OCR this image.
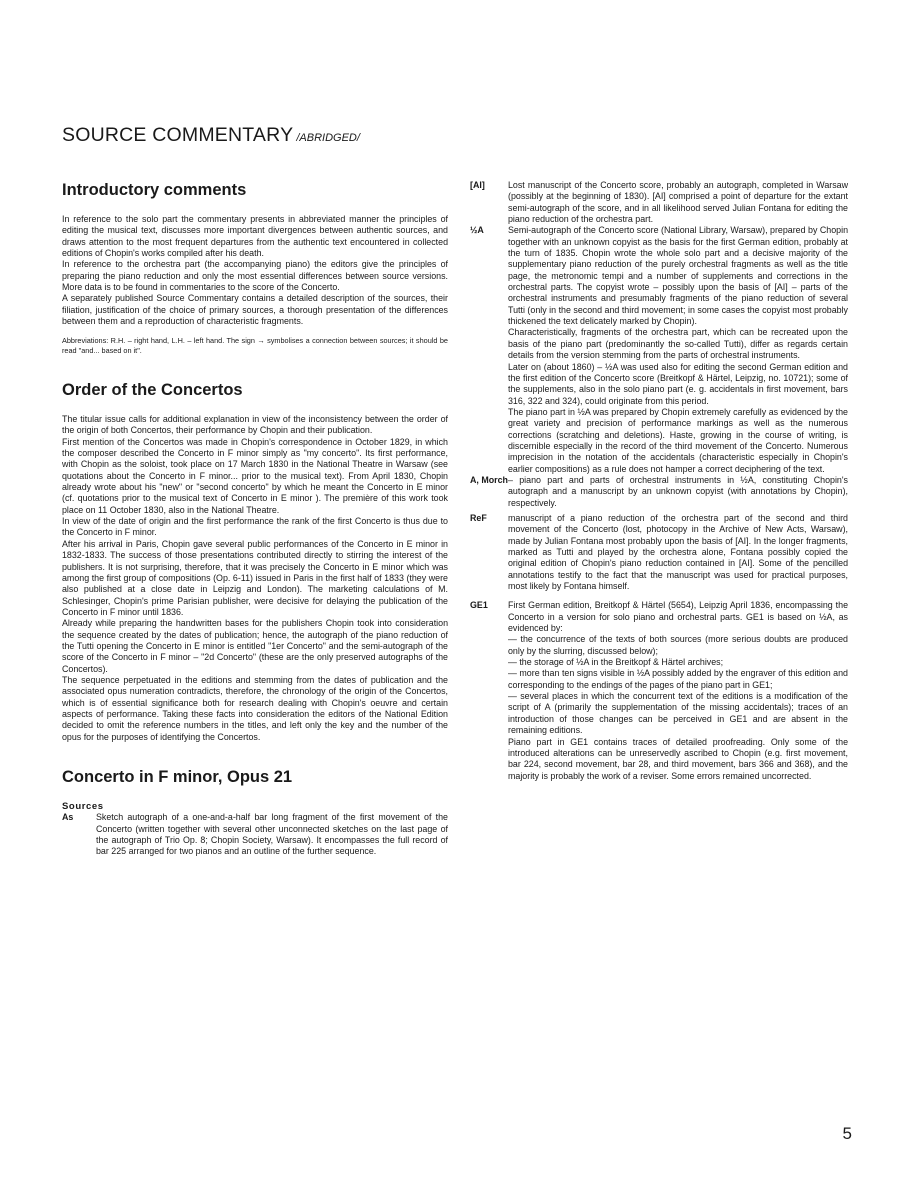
SOURCE COMMENTARY /ABRIDGED/
Introductory comments

In reference to the solo part the commentary presents in abbreviated manner the principles of editing the musical text, discusses more important divergences between authentic sources, and draws attention to the most frequent departures from the authentic text encountered in collected editions of Chopin's works compiled after his death.

In reference to the orchestra part (the accompanying piano) the editors give the principles of preparing the piano reduction and only the most essential differences between source versions. More data is to be found in commentaries to the score of the Concerto.

A separately published Source Commentary contains a detailed description of the sources, their filiation, justification of the choice of primary sources, a thorough presentation of the differences between them and a reproduction of characteristic fragments.

Abbreviations: R.H. – right hand, L.H. – left hand. The sign → symbolises a connection between sources; it should be read "and... based on it".

Order of the Concertos

The titular issue calls for additional explanation in view of the inconsistency between the order of the origin of both Concertos, their performance by Chopin and their publication.

First mention of the Concertos was made in Chopin's correspondence in October 1829, in which the composer described the Concerto in F minor simply as "my concerto". Its first performance, with Chopin as the soloist, took place on 17 March 1830 in the National Theatre in Warsaw (see quotations about the Concerto in F minor... prior to the musical text). From April 1830, Chopin already wrote about his "new" or "second concerto" by which he meant the Concerto in E minor (cf. quotations prior to the musical text of Concerto in E minor ). The première of this work took place on 11 October 1830, also in the National Theatre.

In view of the date of origin and the first performance the rank of the first Concerto is thus due to the Concerto in F minor.

After his arrival in Paris, Chopin gave several public performances of the Concerto in E minor in 1832-1833. The success of those presentations contributed directly to stirring the interest of the publishers. It is not surprising, therefore, that it was precisely the Concerto in E minor which was among the first group of compositions (Op. 6-11) issued in Paris in the first half of 1833 (they were also published at a close date in Leipzig and London). The marketing calculations of M. Schlesinger, Chopin's prime Parisian publisher, were decisive for delaying the publication of the Concerto in F minor until 1836.

Already while preparing the handwritten bases for the publishers Chopin took into consideration the sequence created by the dates of publication; hence, the autograph of the piano reduction of the Tutti opening the Concerto in E minor is entitled "1er Concerto" and the semi-autograph of the score of the Concerto in F minor – "2d Concerto" (these are the only preserved autographs of the Concertos).

The sequence perpetuated in the editions and stemming from the dates of publication and the associated opus numeration contradicts, therefore, the chronology of the origin of the Concertos, which is of essential significance both for research dealing with Chopin's oeuvre and certain aspects of performance. Taking these facts into consideration the editors of the National Edition decided to omit the reference numbers in the titles, and left only the key and the number of the opus for the purposes of identifying the Concertos.

Concerto in F minor, Opus 21
Sources
As	Sketch autograph of a one-and-a-half bar long fragment of the first movement of the Concerto (written together with several other unconnected sketches on the last page of the autograph of Trio Op. 8; Chopin Society, Warsaw). It encompasses the full record of bar 225 arranged for two pianos and an outline of the further sequence.
[AI]	Lost manuscript of the Concerto score, probably an autograph, completed in Warsaw (possibly at the beginning of 1830). [AI] comprised a point of departure for the extant semi-autograph of the score, and in all likelihood served Julian Fontana for editing the piano reduction of the orchestra part.
½A	Semi-autograph of the Concerto score (National Library, Warsaw), prepared by Chopin together with an unknown copyist as the basis for the first German edition, probably at the turn of 1835. Chopin wrote the whole solo part and a decisive majority of the supplementary piano reduction of the purely orchestral fragments as well as the title page, the metronomic tempi and a number of supplements and corrections in the orchestral parts. The copyist wrote – possibly upon the basis of [AI] – parts of the orchestral instruments and presumably fragments of the piano reduction of several Tutti (only in the second and third movement; in some cases the copyist most probably thickened the text delicately marked by Chopin).

Characteristically, fragments of the orchestra part, which can be recreated upon the basis of the piano part (predominantly the so-called Tutti), differ as regards certain details from the version stemming from the parts of orchestral instruments.

Later on (about 1860) – ½A was used also for editing the second German edition and the first edition of the Concerto score (Breitkopf & Härtel, Leipzig, no. 10721); some of the supplements, also in the solo piano part (e. g. accidentals in first movement, bars 316, 322 and 324), could originate from this period.

The piano part in ½A was prepared by Chopin extremely carefully as evidenced by the great variety and precision of performance markings as well as the numerous corrections (scratching and deletions). Haste, growing in the course of writing, is discernible especially in the record of the third movement of the Concerto. Numerous imprecision in the notation of the accidentals (characteristic especially in Chopin's earlier compositions) as a rule does not hamper a correct deciphering of the text.

A, Morch – piano part and parts of orchestral instruments in ½A, constituting Chopin's autograph and a manuscript by an unknown copyist (with annotations by Chopin), respectively.
ReF	manuscript of a piano reduction of the orchestra part of the second and third movement of the Concerto (lost, photocopy in the Archive of New Acts, Warsaw), made by Julian Fontana most probably upon the basis of [AI]. In the longer fragments, marked as Tutti and played by the orchestra alone, Fontana possibly copied the original edition of Chopin's piano reduction contained in [AI]. Some of the pencilled annotations testify to the fact that the manuscript was used for practical purposes, most likely by Fontana himself.
GE1	First German edition, Breitkopf & Härtel (5654), Leipzig April 1836, encompassing the Concerto in a version for solo piano and orchestral parts. GE1 is based on ½A, as evidenced by:

— the concurrence of the texts of both sources (more serious doubts are produced only by the slurring, discussed below);

— the storage of ½A in the Breitkopf & Härtel archives;

— more than ten signs visible in ½A possibly added by the engraver of this edition and corresponding to the endings of the pages of the piano part in GE1;

— several places in which the concurrent text of the editions is a modification of the script of A (primarily the supplementation of the missing accidentals); traces of an introduction of those changes can be perceived in GE1 and are absent in the remaining editions.

Piano part in GE1 contains traces of detailed proofreading. Only some of the introduced alterations can be unreservedly ascribed to Chopin (e.g. first movement, bar 224, second movement, bar 28, and third movement, bars 366 and 368), and the majority is probably the work of a reviser. Some errors remained uncorrected.

5
